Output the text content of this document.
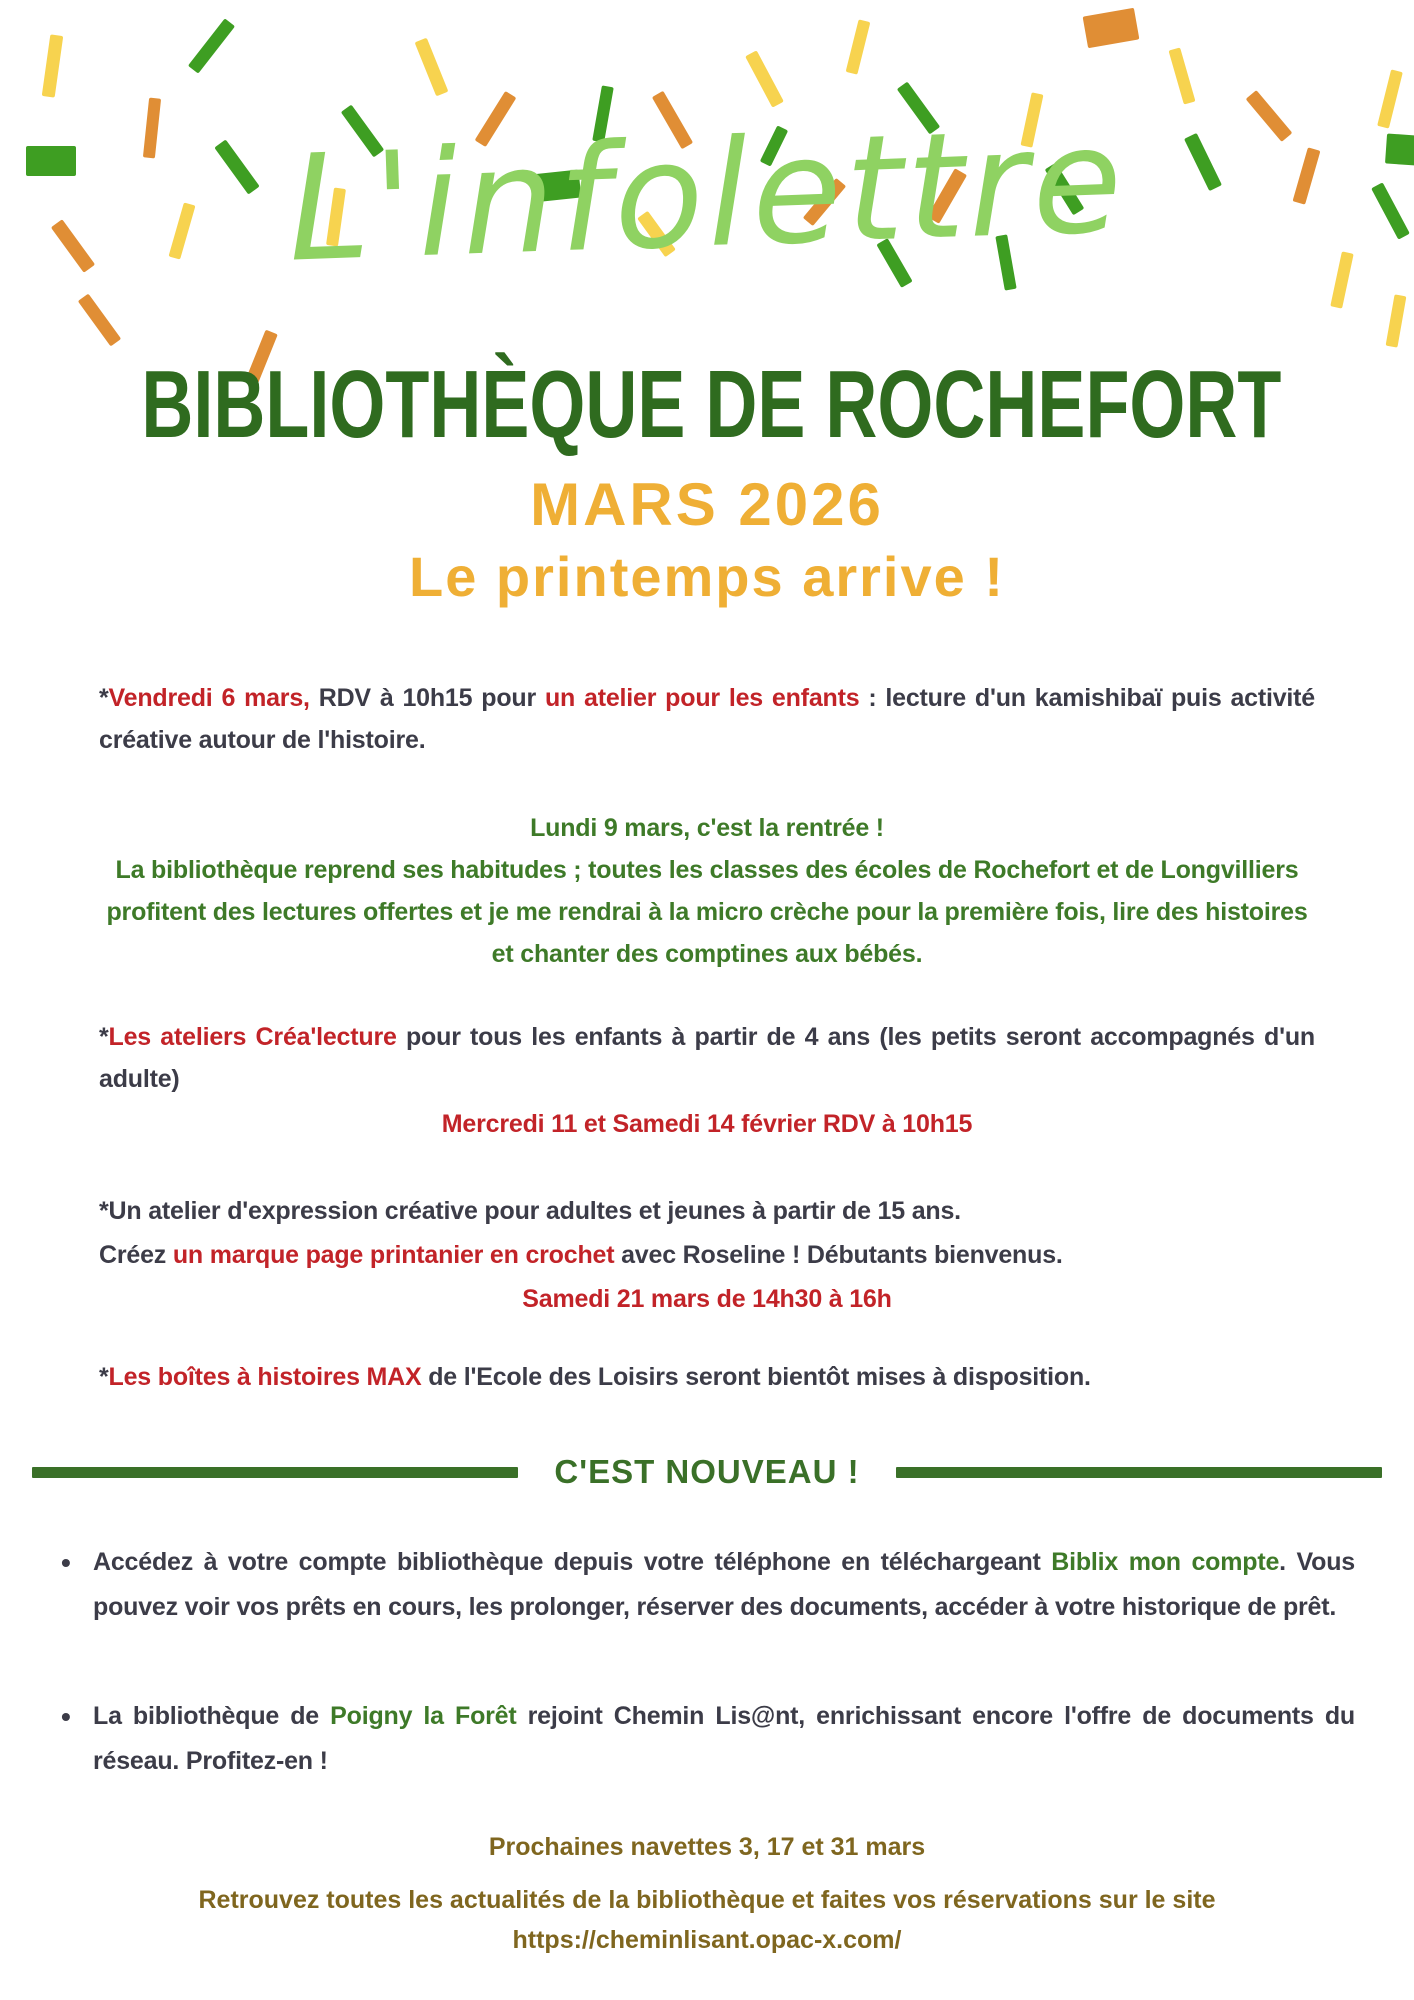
L'infolettre
BIBLIOTHÈQUE DE ROCHEFORT
MARS 2026
Le printemps arrive !

*Vendredi 6 mars, RDV à 10h15 pour un atelier pour les enfants : lecture d'un kamishibaï puis activité créative autour de l'histoire.

Lundi 9 mars, c'est la rentrée !
La bibliothèque reprend ses habitudes ; toutes les classes des écoles de Rochefort et de Longvilliers profitent des lectures offertes et je me rendrai à la micro crèche pour la première fois, lire des histoires et chanter des comptines aux bébés.

*Les ateliers Créa'lecture pour tous les enfants à partir de 4 ans (les petits seront accompagnés d'un adulte)

Mercredi 11 et Samedi 14 février RDV à 10h15

*Un atelier d'expression créative pour adultes et jeunes à partir de 15 ans.
Créez un marque page printanier en crochet avec Roseline ! Débutants bienvenus.

Samedi 21 mars de 14h30 à 16h

*Les boîtes à histoires MAX de l'Ecole des Loisirs seront bientôt mises à disposition.

C'EST NOUVEAU !
• Accédez à votre compte bibliothèque depuis votre téléphone en téléchargeant Biblix mon compte. Vous pouvez voir vos prêts en cours, les prolonger, réserver des documents, accéder à votre historique de prêt.
• La bibliothèque de Poigny la Forêt rejoint Chemin Lis@nt, enrichissant encore l'offre de documents du réseau. Profitez-en !
Prochaines navettes 3, 17 et 31 mars
Retrouvez toutes les actualités de la bibliothèque et faites vos réservations sur le site
https://cheminlisant.opac-x.com/
